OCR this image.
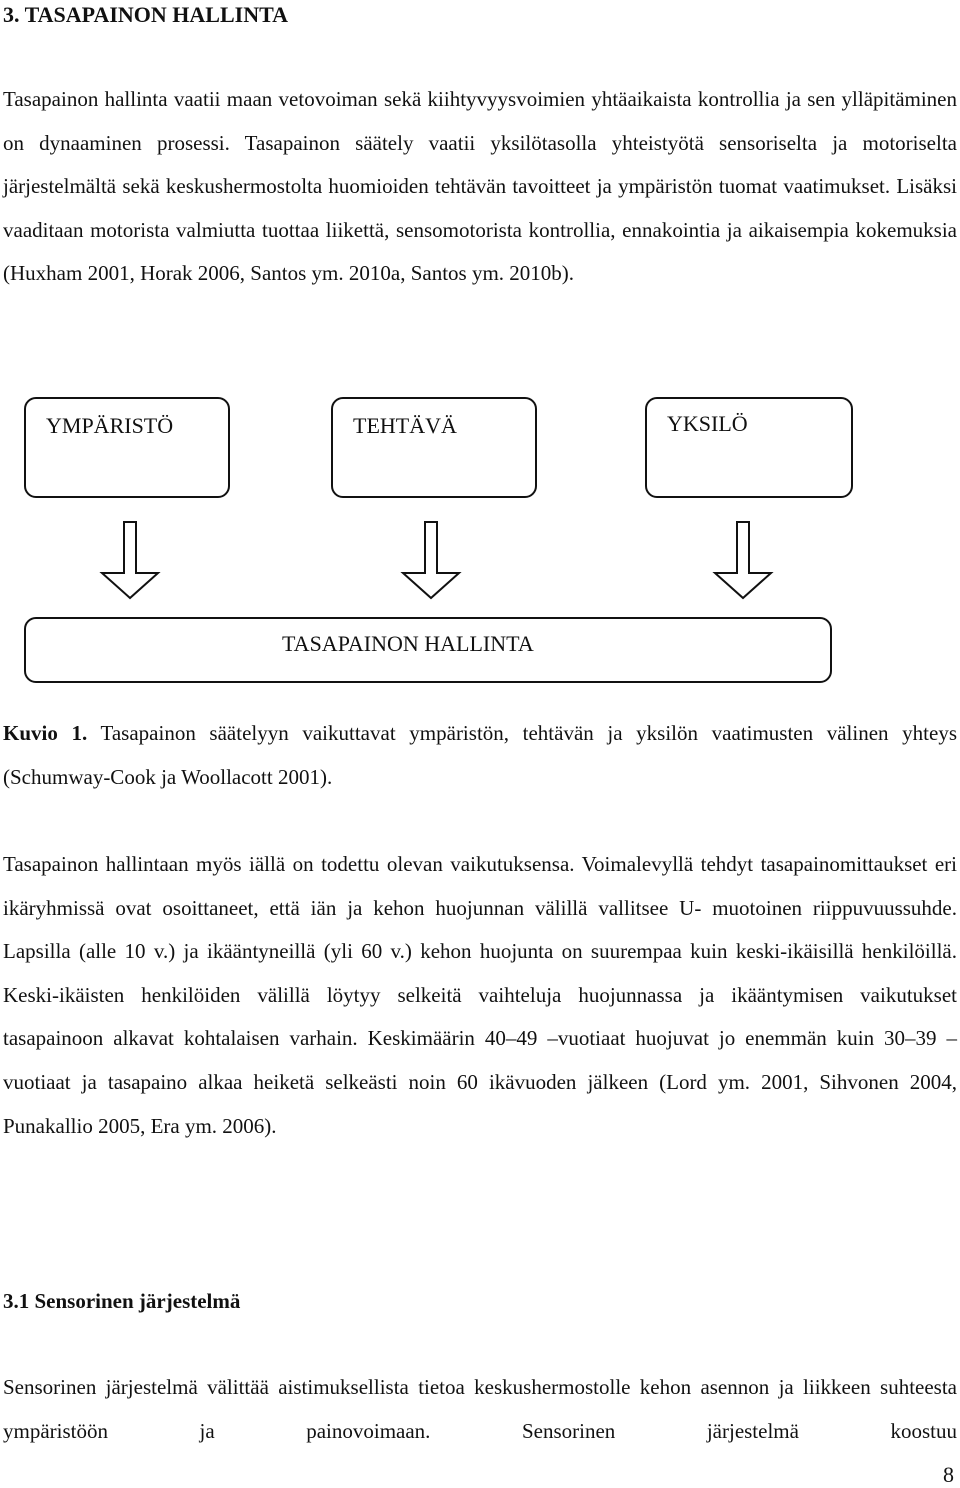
3. TASAPAINON HALLINTA

Tasapainon hallinta vaatii maan vetovoiman sekä kiihtyvyysvoimien yhtäaikaista kontrollia ja sen ylläpitäminen on dynaaminen prosessi. Tasapainon säätely vaatii yksilötasolla yhteistyötä sensoriselta ja motoriselta järjestelmältä sekä keskushermostolta huomioiden tehtävän tavoitteet ja ympäristön tuomat vaatimukset. Lisäksi vaaditaan motorista valmiutta tuottaa liikettä, sensomotorista kontrollia, ennakointia ja aikaisempia kokemuksia (Huxham 2001, Horak 2006, Santos ym. 2010a, Santos ym. 2010b).

YMPÄRISTÖ	TEHTÄVÄ	YKSILÖ
TASAPAINON HALLINTA

Kuvio 1. Tasapainon säätelyyn vaikuttavat ympäristön, tehtävän ja yksilön vaatimusten välinen yhteys (Schumway-Cook ja Woollacott 2001).

Tasapainon hallintaan myös iällä on todettu olevan vaikutuksensa. Voimalevyllä tehdyt tasapainomittaukset eri ikäryhmissä ovat osoittaneet, että iän ja kehon huojunnan välillä vallitsee U- muotoinen riippuvuussuhde. Lapsilla (alle 10 v.) ja ikääntyneillä (yli 60 v.) kehon huojunta on suurempaa kuin keski-ikäisillä henkilöillä. Keski-ikäisten henkilöiden välillä löytyy selkeitä vaihteluja huojunnassa ja ikääntymisen vaikutukset tasapainoon alkavat kohtalaisen varhain. Keskimäärin 40–49 –vuotiaat huojuvat jo enemmän kuin 30–39 – vuotiaat ja tasapaino alkaa heiketä selkeästi noin 60 ikävuoden jälkeen (Lord ym. 2001, Sihvonen 2004, Punakallio 2005, Era ym. 2006).

3.1 Sensorinen järjestelmä

Sensorinen järjestelmä välittää aistimuksellista tietoa keskushermostolle kehon asennon ja liikkeen suhteesta ympäristöön ja painovoimaan. Sensorinen järjestelmä koostuu

8
